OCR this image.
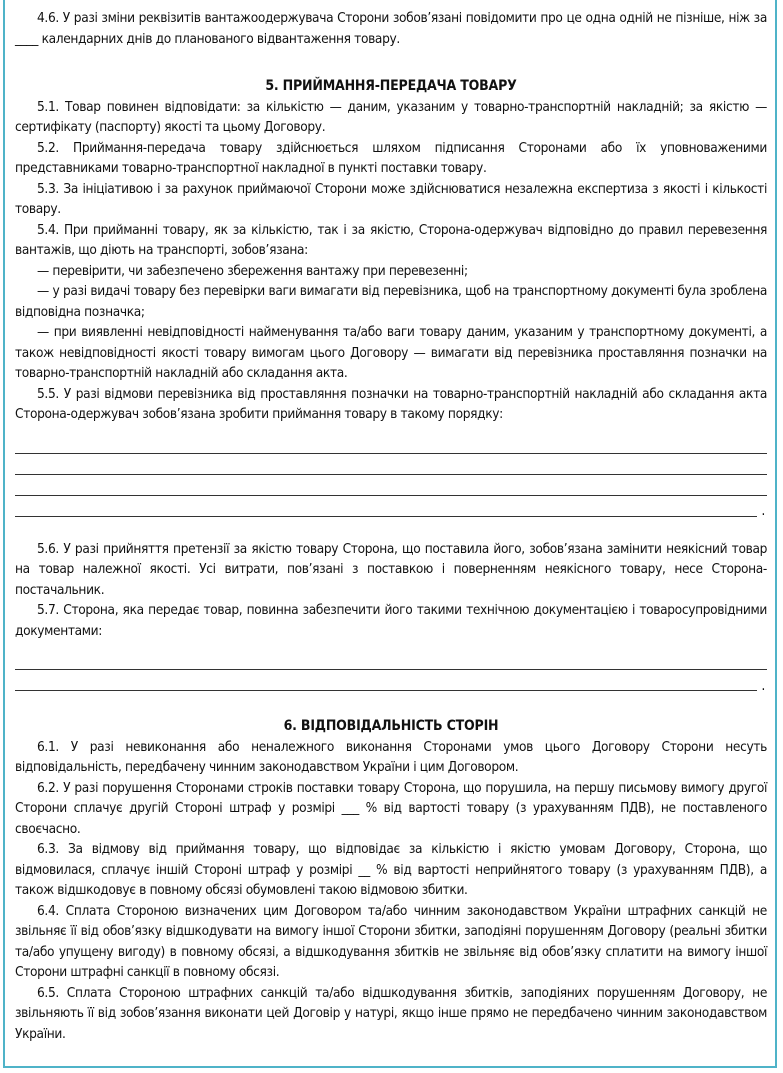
4.6. У разі зміни реквізитів вантажоодержувача Сторони зобов’язані повідомити про це одна одній не пізніше, ніж за ____ календарних днів до планованого відвантаження товару.

5. ПРИЙМАННЯ-ПЕРЕДАЧА ТОВАРУ

5.1. Товар повинен відповідати: за кількістю — даним, указаним у товарно-транспортній накладній; за якістю — сертифікату (паспорту) якості та цьому Договору.

5.2. Приймання-передача товару здійснюється шляхом підписання Сторонами або їх уповноваженими представниками товарно-транспортної накладної в пункті поставки товару.

5.3. За ініціативою і за рахунок приймаючої Сторони може здійснюватися незалежна експертиза з якості і кількості товару.

5.4. При прийманні товару, як за кількістю, так і за якістю, Сторона-одержувач відповідно до правил перевезення вантажів, що діють на транспорті, зобов’язана:

— перевірити, чи забезпечено збереження вантажу при перевезенні;

— у разі видачі товару без перевірки ваги вимагати від перевізника, щоб на транспортному документі була зроблена відповідна позначка;

— при виявленні невідповідності найменування та/або ваги товару даним, указаним у транспортному документі, а також невідповідності якості товару вимогам цього Договору — вимагати від перевізника проставляння позначки на товарно-транспортній накладній або складання акта.

5.5. У разі відмови перевізника від проставляння позначки на товарно-транспортній накладній або складання акта Сторона-одержувач зобов’язана зробити приймання товару в такому порядку:

.

5.6. У разі прийняття претензії за якістю товару Сторона, що поставила його, зобов’язана замінити неякісний товар на товар належної якості. Усі витрати, пов’язані з поставкою і поверненням неякісного товару, несе Сторона-постачальник.

5.7. Сторона, яка передає товар, повинна забезпечити його такими технічною документацією і товаросупровідними документами:

.

6. ВІДПОВІДАЛЬНІСТЬ СТОРІН

6.1. У разі невиконання або неналежного виконання Сторонами умов цього Договору Сторони несуть відповідальність, передбачену чинним законодавством України і цим Договором.

6.2. У разі порушення Сторонами строків поставки товару Сторона, що порушила, на першу письмову вимогу другої Сторони сплачує другій Стороні штраф у розмірі ___ % від вартості товару (з урахуванням ПДВ), не поставленого своєчасно.

6.3. За відмову від приймання товару, що відповідає за кількістю і якістю умовам Договору, Сторона, що відмовилася, сплачує іншій Стороні штраф у розмірі __ % від вартості неприйнятого товару (з урахуванням ПДВ), а також відшкодовує в повному обсязі обумовлені такою відмовою збитки.

6.4. Сплата Стороною визначених цим Договором та/або чинним законодавством України штрафних санкцій не звільняє її від обов’язку відшкодувати на вимогу іншої Сторони збитки, заподіяні порушенням Договору (реальні збитки та/або упущену вигоду) в повному обсязі, а відшкодування збитків не звільняє від обов’язку сплатити на вимогу іншої Сторони штрафні санкції в повному обсязі.

6.5. Сплата Стороною штрафних санкцій та/або відшкодування збитків, заподіяних порушенням Договору, не звільняють її від зобов’язання виконати цей Договір у натурі, якщо інше прямо не передбачено чинним законодавством України.
